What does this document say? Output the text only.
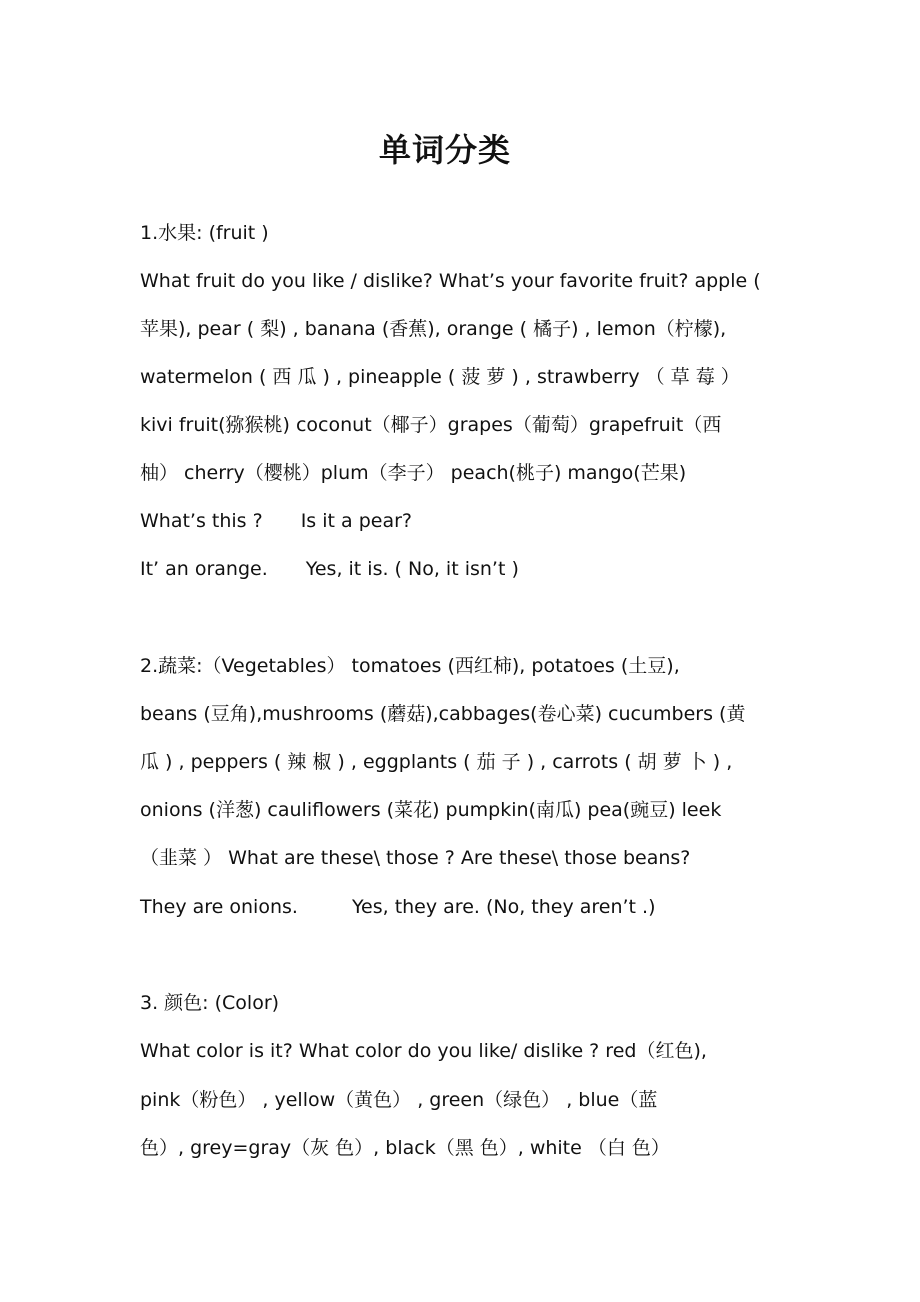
单词分类
1.水果: (fruit )
What fruit do you like / dislike? What’s your favorite fruit? apple (
苹果), pear ( 梨) , banana (香蕉), orange ( 橘子) , lemon（柠檬),
watermelon ( 西 瓜 ) , pineapple ( 菠 萝 ) , strawberry （ 草 莓 ）
kivi fruit(猕猴桃) coconut（椰子）grapes（葡萄）grapefruit（西
柚） cherry（樱桃）plum（李子） peach(桃子) mango(芒果)
What’s this ? Is it a pear?
It’ an orange. Yes, it is. ( No, it isn’t )
2.蔬菜:（Vegetables） tomatoes (西红柿), potatoes (土豆),
beans (豆角),mushrooms (蘑菇),cabbages(卷心菜) cucumbers (黄
瓜 ) , peppers ( 辣 椒 ) , eggplants ( 茄 子 ) , carrots ( 胡 萝 卜 ) ,
onions (洋葱) cauliflowers (菜花) pumpkin(南瓜) pea(豌豆) leek
（韭菜 ） What are these\ those ? Are these\ those beans?
They are onions.	Yes, they are. (No, they aren’t .)
3. 颜色: (Color)
What color is it? What color do you like/ dislike ? red（红色),
pink（粉色） , yellow（黄色） , green（绿色） , blue（蓝
色）, grey=gray（灰 色）, black（黑 色）, white （白 色）
